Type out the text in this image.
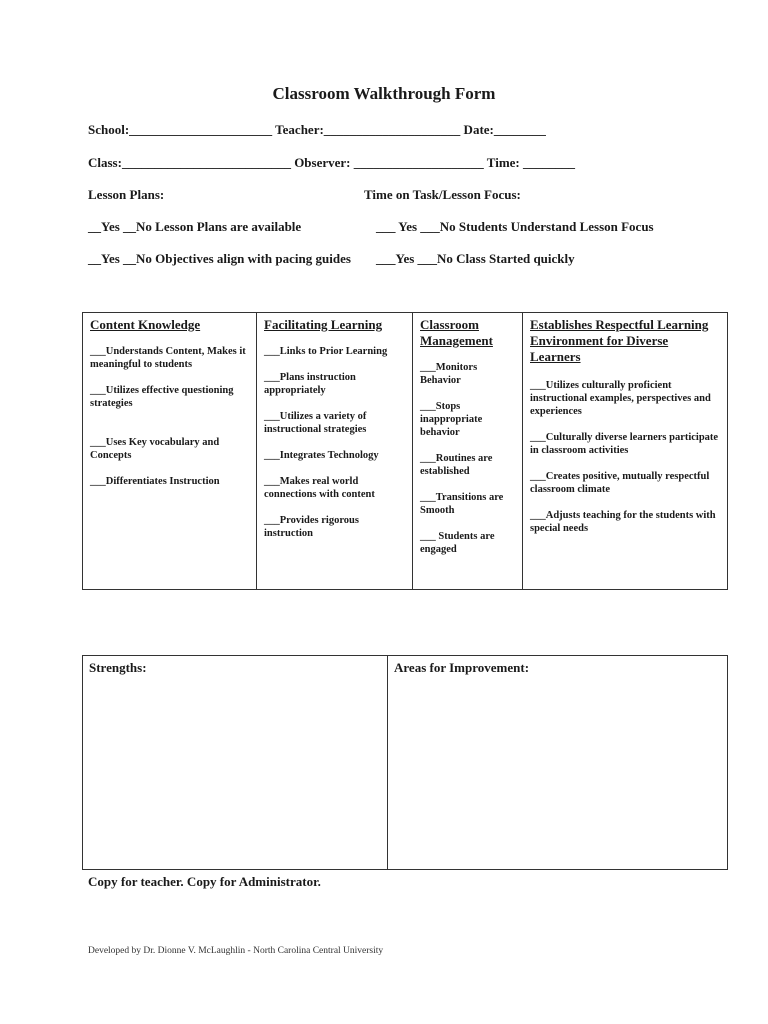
Classroom Walkthrough Form
School:______________________ Teacher:_____________________ Date:________
Class:__________________________ Observer: ____________________ Time: ________
Lesson Plans:	Time on Task/Lesson Focus:
__Yes __No Lesson Plans are available	___ Yes ___No Students Understand Lesson Focus
__Yes __No Objectives align with pacing guides ___Yes ___No Class Started quickly
Content Knowledge
___Understands Content, Makes it meaningful to students
___Utilizes effective questioning strategies
___Uses Key vocabulary and Concepts
___Differentiates Instruction
Facilitating Learning
___Links to Prior Learning
___Plans instruction appropriately
___Utilizes a variety of instructional strategies
___Integrates Technology
___Makes real world connections with content
___Provides rigorous instruction
Classroom Management
___Monitors Behavior
___Stops inappropriate behavior
___Routines are established
___Transitions are Smooth
___ Students are engaged
Establishes Respectful Learning Environment for Diverse Learners
___Utilizes culturally proficient instructional examples, perspectives and experiences
___Culturally diverse learners participate in classroom activities
___Creates positive, mutually respectful classroom climate
___Adjusts teaching for the students with special needs
Strengths:	Areas for Improvement:
Copy for teacher. Copy for Administrator.
Developed by Dr. Dionne V. McLaughlin - North Carolina Central University
